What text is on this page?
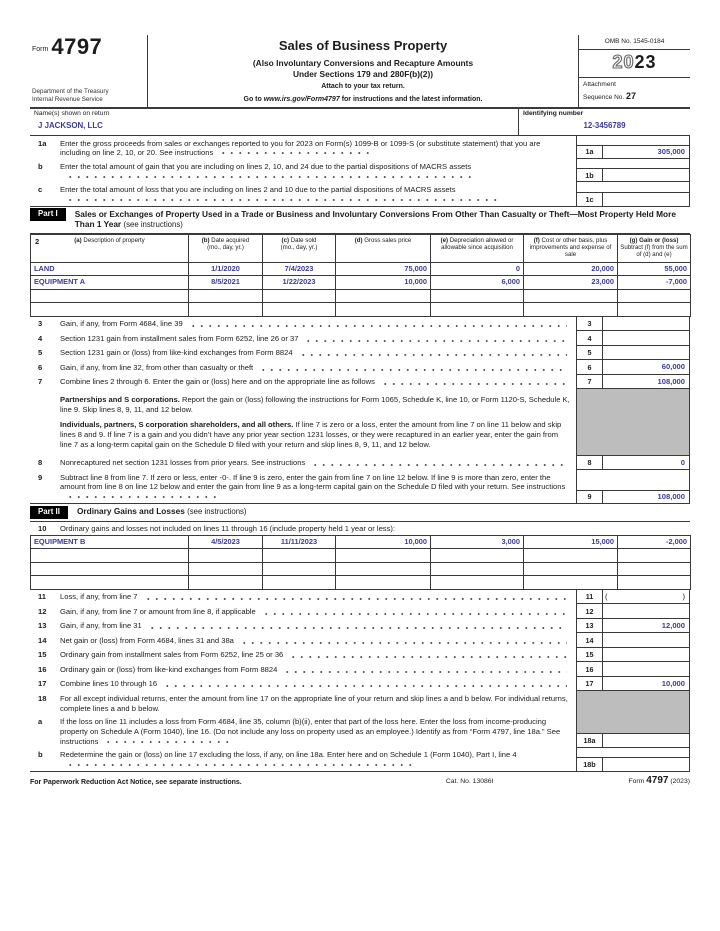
Form 4797
Department of the Treasury
Internal Revenue Service
Sales of Business Property
(Also Involuntary Conversions and Recapture Amounts
Under Sections 179 and 280F(b)(2))
Attach to your tax return.
Go to www.irs.gov/Form4797 for instructions and the latest information.
OMB No. 1545-0184
2023
Attachment
Sequence No. 27
Name(s) shown on return
J JACKSON, LLC
Identifying number
12-3456789
1a	Enter the gross proceeds from sales or exchanges reported to you for 2023 on Form(s) 1099-B or 1099-S (or substitute statement) that you are including on line 2, 10, or 20. See instructions	1a	305,000
b	Enter the total amount of gain that you are including on lines 2, 10, and 24 due to the partial dispositions of MACRS assets
1b
c	Enter the total amount of loss that you are including on lines 2 and 10 due to the partial dispositions of MACRS assets
1c
Part I	Sales or Exchanges of Property Used in a Trade or Business and Involuntary Conversions From Other Than Casualty or Theft—Most Property Held More Than 1 Year (see instructions)
2 (a) Description of property	(b) Date acquired
(mo., day, yr.)	(c) Date sold
(mo., day, yr.)	(d) Gross sales price	(e) Depreciation allowed or allowable since acquisition	(f) Cost or other basis, plus improvements and expense of sale	(g) Gain or (loss)
Subtract (f) from the sum of (d) and (e)

LAND	1/1/2020	7/4/2023	75,000	0	20,000	55,000
EQUIPMENT A	8/5/2021	1/22/2023	10,000	6,000	23,000	-7,000

3	Gain, if any, from Form 4684, line 39	3
4	Section 1231 gain from installment sales from Form 6252, line 26 or 37	4
5	Section 1231 gain or (loss) from like-kind exchanges from Form 8824	5
6	Gain, if any, from line 32, from other than casualty or theft	6	60,000
7	Combine lines 2 through 6. Enter the gain or (loss) here and on the appropriate line as follows	7	108,000

Partnerships and S corporations. Report the gain or (loss) following the instructions for Form 1065, Schedule K, line 10, or Form 1120-S, Schedule K, line 9. Skip lines 8, 9, 11, and 12 below.

Individuals, partners, S corporation shareholders, and all others. If line 7 is zero or a loss, enter the amount from line 7 on line 11 below and skip lines 8 and 9. If line 7 is a gain and you didn’t have any prior year section 1231 losses, or they were recaptured in an earlier year, enter the gain from line 7 as a long-term capital gain on the Schedule D filed with your return and skip lines 8, 9, 11, and 12 below.

8	Nonrecaptured net section 1231 losses from prior years. See instructions	8	0
9	Subtract line 8 from line 7. If zero or less, enter -0-. If line 9 is zero, enter the gain from line 7 on line 12 below. If line 9 is more than zero, enter the amount from line 8 on line 12 below and enter the gain from line 9 as a long-term capital gain on the Schedule D filed with your return. See instructions
9	108,000
Part II	Ordinary Gains and Losses (see instructions)
10	Ordinary gains and losses not included on lines 11 through 16 (include property held 1 year or less):
EQUIPMENT B	4/5/2023	11/11/2023	10,000	3,000	15,000	-2,000

11	Loss, if any, from line 7	11	(	)
12	Gain, if any, from line 7 or amount from line 8, if applicable	12
13	Gain, if any, from line 31	13	12,000
14	Net gain or (loss) from Form 4684, lines 31 and 38a	14
15	Ordinary gain from installment sales from Form 6252, line 25 or 36	15
16	Ordinary gain or (loss) from like-kind exchanges from Form 8824	16
17	Combine lines 10 through 16	17	10,000
18	For all except individual returns, enter the amount from line 17 on the appropriate line of your return and skip lines a and b below. For individual returns, complete lines a and b below.
a	If the loss on line 11 includes a loss from Form 4684, line 35, column (b)(ii), enter that part of the loss here. Enter the loss from income-producing property on Schedule A (Form 1040), line 16. (Do not include any loss on property used as an employee.) Identify as from “Form 4797, line 18a.” See instructions	18a
b	Redetermine the gain or (loss) on line 17 excluding the loss, if any, on line 18a. Enter here and on Schedule 1 (Form 1040), Part I, line 4
18b
For Paperwork Reduction Act Notice, see separate instructions.	Cat. No. 13086I	Form 4797 (2023)
